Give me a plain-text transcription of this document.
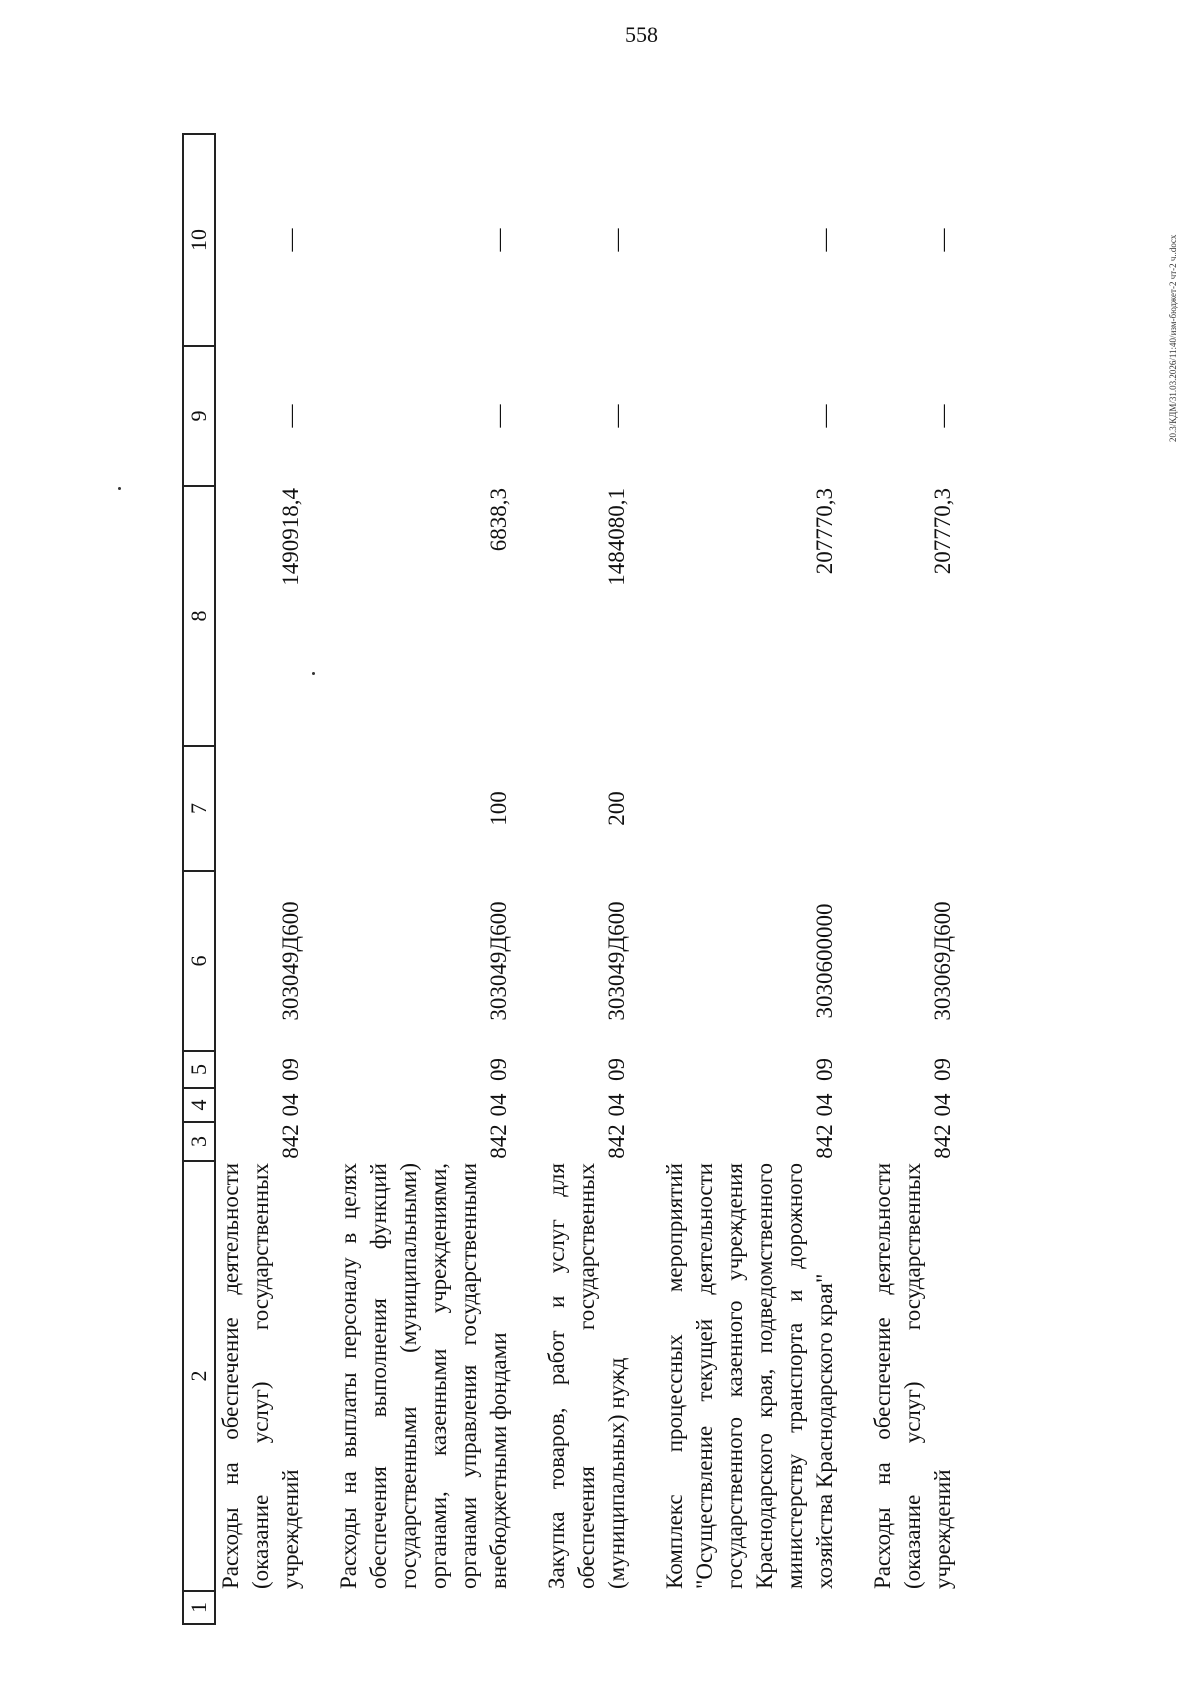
558
1	2	3	4	5	6	7	8	9	10
	Расходы на обеспечение деятельности (оказание услуг) государственных учреждений	842	04	09	303049Д600		1490918,4	—	—

	Расходы на выплаты персоналу в целях обеспечения выполнения функций государственными (муниципальными) органами, казенными учреждениями, органами управления государственными внебюджетными фондами	842	04	09	303049Д600	100	6838,3	—	—

	Закупка товаров, работ и услуг для обеспечения государственных (муниципальных) нужд	842	04	09	303049Д600	200	1484080,1	—	—

	Комплекс процессных мероприятий "Осуществление текущей деятельности государственного казенного учреждения Краснодарского края, подведомственного министерству транспорта и дорожного хозяйства Краснодарского края"	842	04	09	3030600000		207770,3	—	—

	Расходы на обеспечение деятельности (оказание услуг) государственных учреждений	842	04	09	303069Д600		207770,3	—	—	20.3/КДМ/31.03.2026/11:40/изм-бюджет-2 чт-2 ч..docx
